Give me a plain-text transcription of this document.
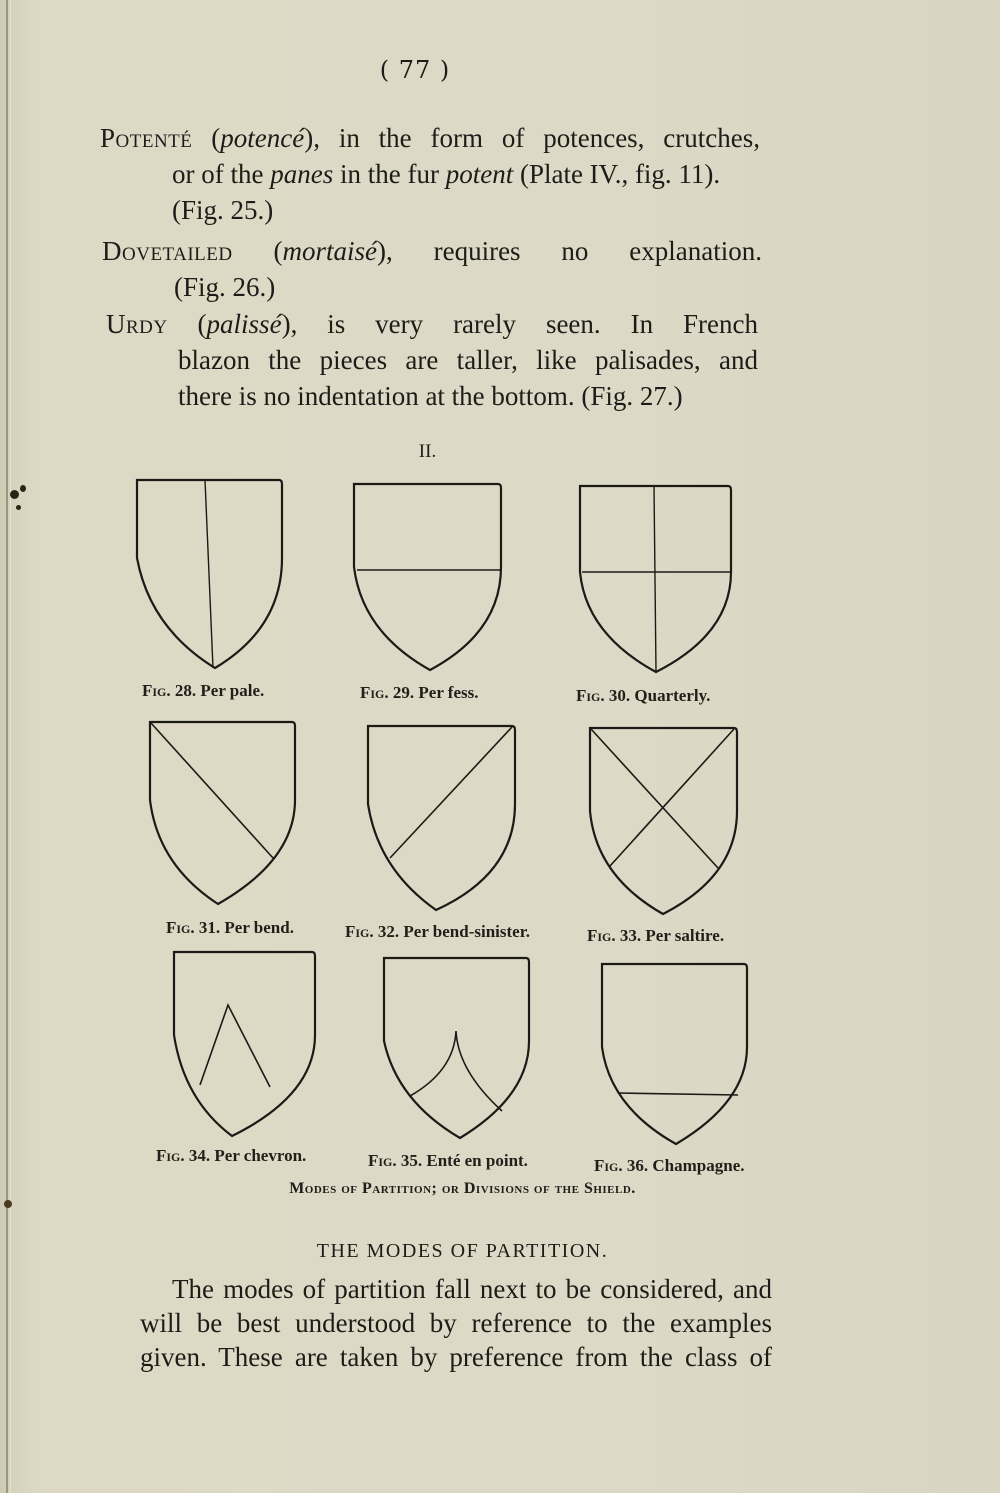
( 77 )
Potenté (potencé), in the form of potences, crutches,
or of the panes in the fur potent (Plate IV., fig. 11).
(Fig. 25.)
Dovetailed (mortaisé), requires no explanation.
(Fig. 26.)
Urdy (palissé), is very rarely seen. In French
blazon the pieces are taller, like palisades, and
there is no indentation at the bottom. (Fig. 27.)
II.
Fig. 28. Per pale.	Fig. 29. Per fess.	Fig. 30. Quarterly.
Fig. 31. Per bend.	Fig. 32. Per bend-sinister.	Fig. 33. Per saltire.
Fig. 34. Per chevron.	Fig. 35. Enté en point.	Fig. 36. Champagne.
Modes of Partition; or Divisions of the Shield.
THE MODES OF PARTITION.
The modes of partition fall next to be considered, and
will be best understood by reference to the examples
given. These are taken by preference from the class of
